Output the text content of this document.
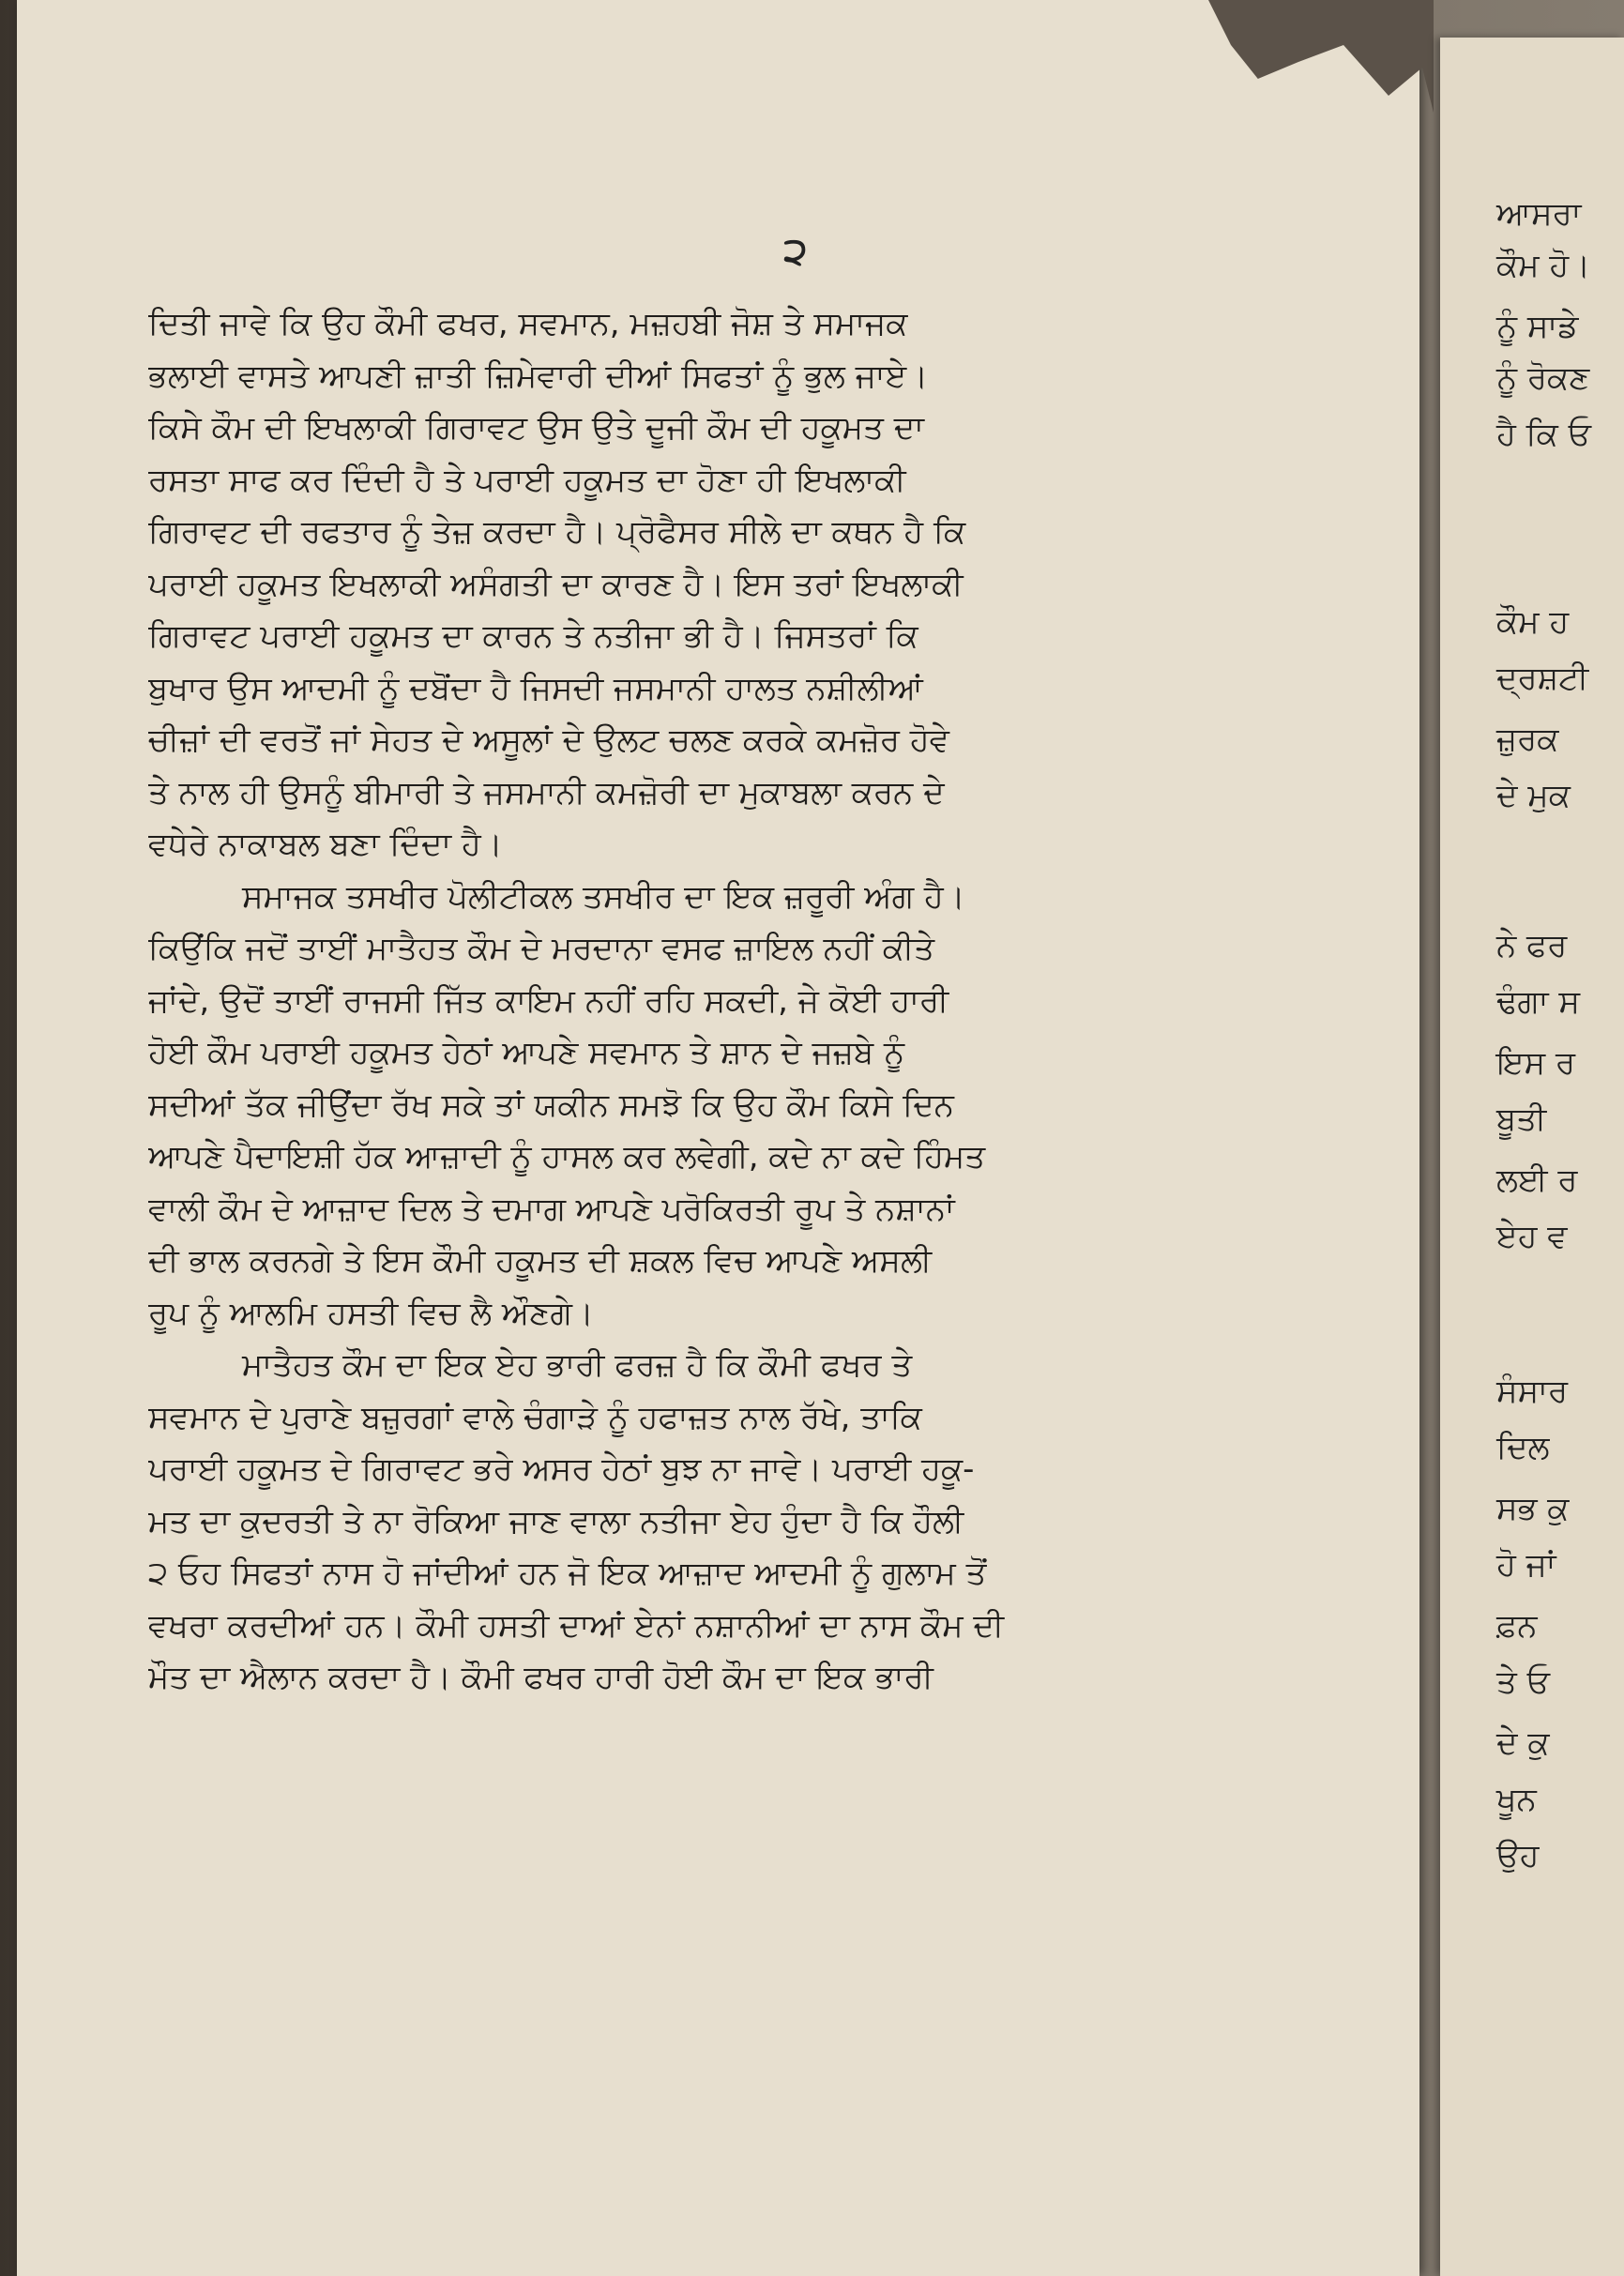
੨

ਦਿਤੀ ਜਾਵੇ ਕਿ ਉਹ ਕੌਮੀ ਫਖਰ, ਸਵਮਾਨ, ਮਜ਼ਹਬੀ ਜੋਸ਼ ਤੇ ਸਮਾਜਕ
ਭਲਾਈ ਵਾਸਤੇ ਆਪਣੀ ਜ਼ਾਤੀ ਜ਼ਿਮੇਵਾਰੀ ਦੀਆਂ ਸਿਫਤਾਂ ਨੂੰ ਭੁਲ ਜਾਏ।
ਕਿਸੇ ਕੌਮ ਦੀ ਇਖਲਾਕੀ ਗਿਰਾਵਟ ਉਸ ਉਤੇ ਦੂਜੀ ਕੌਮ ਦੀ ਹਕੂਮਤ ਦਾ
ਰਸਤਾ ਸਾਫ ਕਰ ਦਿੰਦੀ ਹੈ ਤੇ ਪਰਾਈ ਹਕੂਮਤ ਦਾ ਹੋਣਾ ਹੀ ਇਖਲਾਕੀ
ਗਿਰਾਵਟ ਦੀ ਰਫਤਾਰ ਨੂੰ ਤੇਜ਼ ਕਰਦਾ ਹੈ। ਪ੍ਰੋਫੈਸਰ ਸੀਲੇ ਦਾ ਕਥਨ ਹੈ ਕਿ
ਪਰਾਈ ਹਕੂਮਤ ਇਖਲਾਕੀ ਅਸੰਗਤੀ ਦਾ ਕਾਰਣ ਹੈ। ਇਸ ਤਰਾਂ ਇਖਲਾਕੀ
ਗਿਰਾਵਟ ਪਰਾਈ ਹਕੂਮਤ ਦਾ ਕਾਰਨ ਤੇ ਨਤੀਜਾ ਭੀ ਹੈ। ਜਿਸਤਰਾਂ ਕਿ
ਬੁਖਾਰ ਉਸ ਆਦਮੀ ਨੂੰ ਦਬੋਂਦਾ ਹੈ ਜਿਸਦੀ ਜਸਮਾਨੀ ਹਾਲਤ ਨਸ਼ੀਲੀਆਂ
ਚੀਜ਼ਾਂ ਦੀ ਵਰਤੋਂ ਜਾਂ ਸੇਹਤ ਦੇ ਅਸੂਲਾਂ ਦੇ ਉਲਟ ਚਲਣ ਕਰਕੇ ਕਮਜ਼ੋਰ ਹੋਵੇ
ਤੇ ਨਾਲ ਹੀ ਉਸਨੂੰ ਬੀਮਾਰੀ ਤੇ ਜਸਮਾਨੀ ਕਮਜ਼ੋਰੀ ਦਾ ਮੁਕਾਬਲਾ ਕਰਨ ਦੇ
ਵਧੇਰੇ ਨਾਕਾਬਲ ਬਣਾ ਦਿੰਦਾ ਹੈ।

ਸਮਾਜਕ ਤਸਖੀਰ ਪੋਲੀਟੀਕਲ ਤਸਖੀਰ ਦਾ ਇਕ ਜ਼ਰੂਰੀ ਅੰਗ ਹੈ।
ਕਿਉਂਕਿ ਜਦੋਂ ਤਾਈਂ ਮਾਤੈਹਤ ਕੌਮ ਦੇ ਮਰਦਾਨਾ ਵਸਫ ਜ਼ਾਇਲ ਨਹੀਂ ਕੀਤੇ
ਜਾਂਦੇ, ਉਦੋਂ ਤਾਈਂ ਰਾਜਸੀ ਜਿੱਤ ਕਾਇਮ ਨਹੀਂ ਰਹਿ ਸਕਦੀ, ਜੇ ਕੋਈ ਹਾਰੀ
ਹੋਈ ਕੌਮ ਪਰਾਈ ਹਕੂਮਤ ਹੇਠਾਂ ਆਪਣੇ ਸਵਮਾਨ ਤੇ ਸ਼ਾਨ ਦੇ ਜਜ਼ਬੇ ਨੂੰ
ਸਦੀਆਂ ਤੱਕ ਜੀਉਂਦਾ ਰੱਖ ਸਕੇ ਤਾਂ ਯਕੀਨ ਸਮਝੋ ਕਿ ਉਹ ਕੌਮ ਕਿਸੇ ਦਿਨ
ਆਪਣੇ ਪੈਦਾਇਸ਼ੀ ਹੱਕ ਆਜ਼ਾਦੀ ਨੂੰ ਹਾਸਲ ਕਰ ਲਵੇਗੀ, ਕਦੇ ਨਾ ਕਦੇ ਹਿੰਮਤ
ਵਾਲੀ ਕੌਮ ਦੇ ਆਜ਼ਾਦ ਦਿਲ ਤੇ ਦਮਾਗ ਆਪਣੇ ਪਰੋਕਿਰਤੀ ਰੂਪ ਤੇ ਨਸ਼ਾਨਾਂ
ਦੀ ਭਾਲ ਕਰਨਗੇ ਤੇ ਇਸ ਕੌਮੀ ਹਕੂਮਤ ਦੀ ਸ਼ਕਲ ਵਿਚ ਆਪਣੇ ਅਸਲੀ
ਰੂਪ ਨੂੰ ਆਲਮਿ ਹਸਤੀ ਵਿਚ ਲੈ ਔਣਗੇ।

ਮਾਤੈਹਤ ਕੌਮ ਦਾ ਇਕ ਏਹ ਭਾਰੀ ਫਰਜ਼ ਹੈ ਕਿ ਕੌਮੀ ਫਖਰ ਤੇ
ਸਵਮਾਨ ਦੇ ਪੁਰਾਣੇ ਬਜ਼ੁਰਗਾਂ ਵਾਲੇ ਚੰਗਾੜੇ ਨੂੰ ਹਫਾਜ਼ਤ ਨਾਲ ਰੱਖੇ, ਤਾਕਿ
ਪਰਾਈ ਹਕੂਮਤ ਦੇ ਗਿਰਾਵਟ ਭਰੇ ਅਸਰ ਹੇਠਾਂ ਬੁਝ ਨਾ ਜਾਵੇ। ਪਰਾਈ ਹਕੂ-
ਮਤ ਦਾ ਕੁਦਰਤੀ ਤੇ ਨਾ ਰੋਕਿਆ ਜਾਣ ਵਾਲਾ ਨਤੀਜਾ ਏਹ ਹੁੰਦਾ ਹੈ ਕਿ ਹੌਲੀ
੨ ਓਹ ਸਿਫਤਾਂ ਨਾਸ ਹੋ ਜਾਂਦੀਆਂ ਹਨ ਜੋ ਇਕ ਆਜ਼ਾਦ ਆਦਮੀ ਨੂੰ ਗੁਲਾਮ ਤੋਂ
ਵਖਰਾ ਕਰਦੀਆਂ ਹਨ। ਕੌਮੀ ਹਸਤੀ ਦਾਆਂ ਏਨਾਂ ਨਸ਼ਾਨੀਆਂ ਦਾ ਨਾਸ ਕੌਮ ਦੀ
ਮੌਤ ਦਾ ਐਲਾਨ ਕਰਦਾ ਹੈ। ਕੌਮੀ ਫਖਰ ਹਾਰੀ ਹੋਈ ਕੌਮ ਦਾ ਇਕ ਭਾਰੀ

ਆਸਰਾ
ਕੌਮ ਹੋ।
ਨੂੰ ਸਾਡੇ
ਨੂੰ ਰੋਕਣ
ਹੈ ਕਿ ਓ
ਕੌਮ ਹ
ਦ੍ਰਸ਼ਟੀ
ਜ਼ੁਰਕ
ਦੇ ਮੁਕ
ਨੇ ਫਰ
ਢੰਗਾ ਸ
ਇਸ ਰ
ਬੂਤੀ
ਲਈ ਰ
ਏਹ ਵ
ਸੰਸਾਰ
ਦਿਲ
ਸਭ ਕੁ
ਹੋ ਜਾਂ
ਫ਼ਨ
ਤੇ ਓ
ਦੇ ਕੁ
ਖੂਨ
ਉਹ
